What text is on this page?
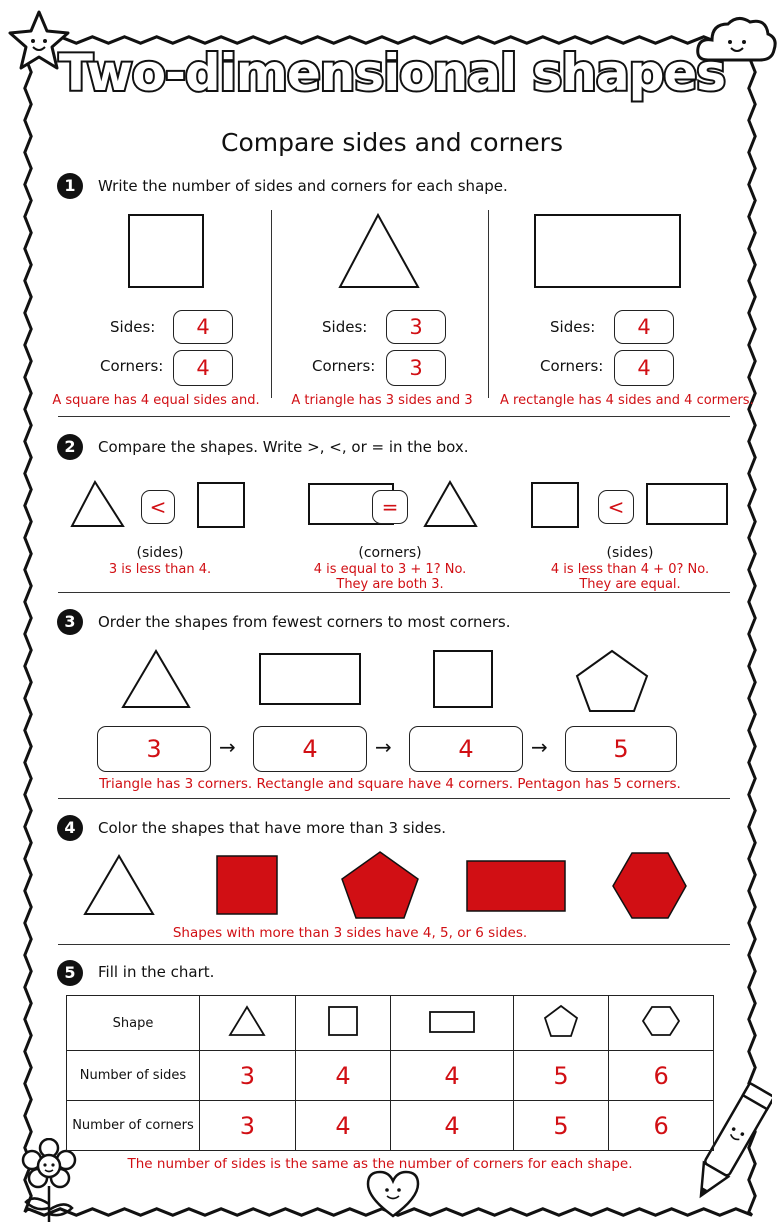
Two-dimensional shapes
Compare sides and corners
1	Write the number of sides and corners for each shape.
Sides:	4
Corners:	4
A square has 4 equal sides and.
Sides:	3
Corners:	3
A triangle has 3 sides and 3
Sides:	4
Corners:	4
A rectangle has 4 sides and 4 cormers.
2	Compare the shapes. Write >, <, or = in the box.
<	=	<
(sides)
3 is less than 4.
(corners)
4 is equal to 3 + 1? No.
They are both 3.
(sides)
4 is less than 4 + 0? No.
They are equal.
3	Order the shapes from fewest corners to most corners.
3	→	4	→	4	→	5
Triangle has 3 corners. Rectangle and square have 4 corners. Pentagon has 5 corners.
4	Color the shapes that have more than 3 sides.
Shapes with more than 3 sides have 4, 5, or 6 sides.
5	Fill in the chart.
Shape					
Number of sides	3	4	4	5	6
Number of corners	3	4	4	5	6
The number of sides is the same as the number of corners for each shape.
